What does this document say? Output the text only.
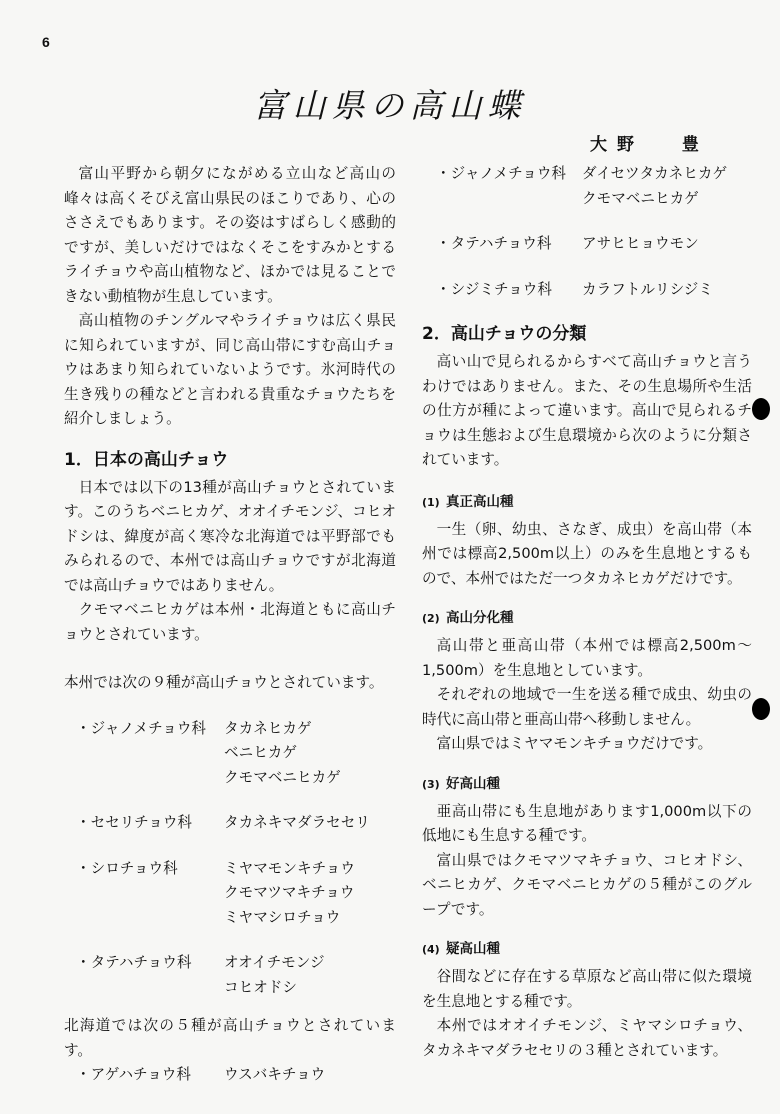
6
富山県の高山蝶
大野 豊

富山平野から朝夕にながめる立山など高山の峰々は高くそびえ富山県民のほこりであり、心のささえでもあります。その姿はすばらしく感動的ですが、美しいだけではなくそこをすみかとするライチョウや高山植物など、ほかでは見ることできない動植物が生息しています。

高山植物のチングルマやライチョウは広く県民に知られていますが、同じ高山帯にすむ高山チョウはあまり知られていないようです。氷河時代の生き残りの種などと言われる貴重なチョウたちを紹介しましょう。

1．日本の高山チョウ

日本では以下の13種が高山チョウとされています。このうちベニヒカゲ、オオイチモンジ、コヒオドシは、緯度が高く寒冷な北海道では平野部でもみられるので、本州では高山チョウですが北海道では高山チョウではありません。

クモマベニヒカゲは本州・北海道ともに高山チョウとされています。

本州では次の９種が高山チョウとされています。

・ジャノメチョウ科	タカネヒカゲ
ベニヒカゲ
クモマベニヒカゲ
・セセリチョウ科	タカネキマダラセセリ
・シロチョウ科	ミヤマモンキチョウ
クモマツマキチョウ
ミヤマシロチョウ
・タテハチョウ科	オオイチモンジ
コヒオドシ

北海道では次の５種が高山チョウとされています。

・アゲハチョウ科	ウスバキチョウ
・ジャノメチョウ科	ダイセツタカネヒカゲ
クモマベニヒカゲ
・タテハチョウ科	アサヒヒョウモン
・シジミチョウ科	カラフトルリシジミ
2．高山チョウの分類

高い山で見られるからすべて高山チョウと言うわけではありません。また、その生息場所や生活の仕方が種によって違います。高山で見られるチョウは生態および生息環境から次のように分類されています。

(1) 真正高山種

一生（卵、幼虫、さなぎ、成虫）を高山帯（本州では標高2,500m以上）のみを生息地とするもので、本州ではただ一つタカネヒカゲだけです。

(2) 高山分化種

高山帯と亜高山帯（本州では標高2,500m～1,500m）を生息地としています。

それぞれの地域で一生を送る種で成虫、幼虫の時代に高山帯と亜高山帯へ移動しません。

富山県ではミヤマモンキチョウだけです。

(3) 好高山種

亜高山帯にも生息地があります1,000m以下の低地にも生息する種です。

富山県ではクモマツマキチョウ、コヒオドシ、ベニヒカゲ、クモマベニヒカゲの５種がこのグループです。

(4) 疑高山種

谷間などに存在する草原など高山帯に似た環境を生息地とする種です。

本州ではオオイチモンジ、ミヤマシロチョウ、タカネキマダラセセリの３種とされています。
